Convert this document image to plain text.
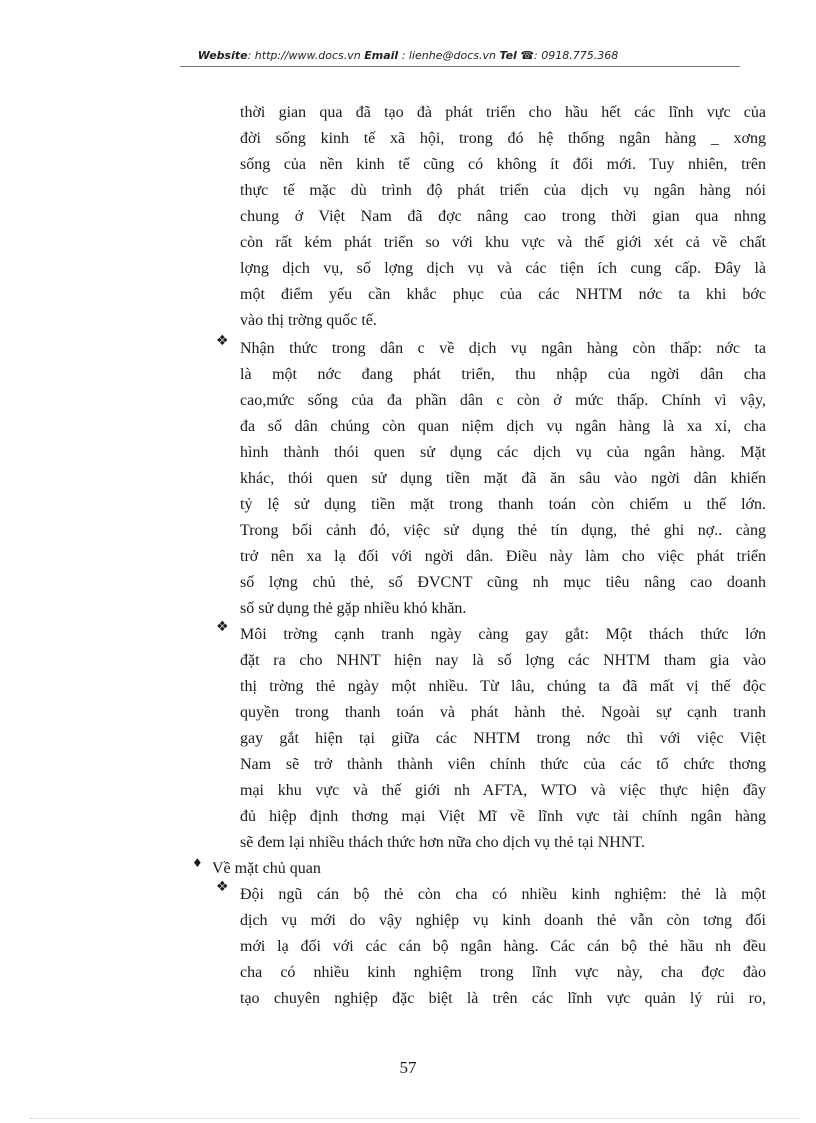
Website: http://www.docs.vn Email : lienhe@docs.vn Tel ☎: 0918.775.368
thời gian qua đã tạo đà phát triển cho hầu hết các lĩnh vực của
đời sống kinh tế xã hội, trong đó hệ thống ngân hàng _ xơng
sống của nền kinh tế cũng có không ít đổi mới. Tuy nhiên, trên
thực tế mặc dù trình độ phát triển của dịch vụ ngân hàng nói
chung ở Việt Nam đã đợc nâng cao trong thời gian qua nhng
còn rất kém phát triển so với khu vực và thế giới xét cả về chất
lợng dịch vụ, số lợng dịch vụ và các tiện ích cung cấp. Đây là
một điểm yếu cần khắc phục của các NHTM nớc ta khi bớc
vào thị trờng quốc tế.
❖ Nhận thức trong dân c về dịch vụ ngân hàng còn thấp: nớc ta
là một nớc đang phát triển, thu nhập của ngời dân cha
cao,mức sống của đa phần dân c còn ở mức thấp. Chính vì vậy,
đa số dân chúng còn quan niệm dịch vụ ngân hàng là xa xỉ, cha
hình thành thói quen sử dụng các dịch vụ của ngân hàng. Mặt
khác, thói quen sử dụng tiền mặt đã ăn sâu vào ngời dân khiến
tỷ lệ sử dụng tiền mặt trong thanh toán còn chiếm u thế lớn.
Trong bối cảnh đó, việc sử dụng thẻ tín dụng, thẻ ghi nợ.. càng
trở nên xa lạ đối với ngời dân. Điều này làm cho việc phát triển
số lợng chủ thẻ, số ĐVCNT cũng nh mục tiêu nâng cao doanh
số sử dụng thẻ gặp nhiều khó khăn.
❖ Môi trờng cạnh tranh ngày càng gay gắt: Một thách thức lớn
đặt ra cho NHNT hiện nay là số lợng các NHTM tham gia vào
thị trờng thẻ ngày một nhiều. Từ lâu, chúng ta đã mất vị thế độc
quyền trong thanh toán và phát hành thẻ. Ngoài sự cạnh tranh
gay gắt hiện tại giữa các NHTM trong nớc thì với việc Việt
Nam sẽ trở thành thành viên chính thức của các tổ chức thơng
mại khu vực và thế giới nh AFTA, WTO và việc thực hiện đầy
đủ hiệp định thơng mại Việt Mĩ về lĩnh vực tài chính ngân hàng
sẽ đem lại nhiều thách thức hơn nữa cho dịch vụ thẻ tại NHNT.
♦ Về mặt chủ quan
❖ Đội ngũ cán bộ thẻ còn cha có nhiều kinh nghiệm: thẻ là một
dịch vụ mới do vậy nghiệp vụ kinh doanh thẻ vẫn còn tơng đối
mới lạ đối với các cán bộ ngân hàng. Các cán bộ thẻ hầu nh đều
cha có nhiều kinh nghiệm trong lĩnh vực này, cha đợc đào
tạo chuyên nghiệp đặc biệt là trên các lĩnh vực quản lý rủi ro,
57
